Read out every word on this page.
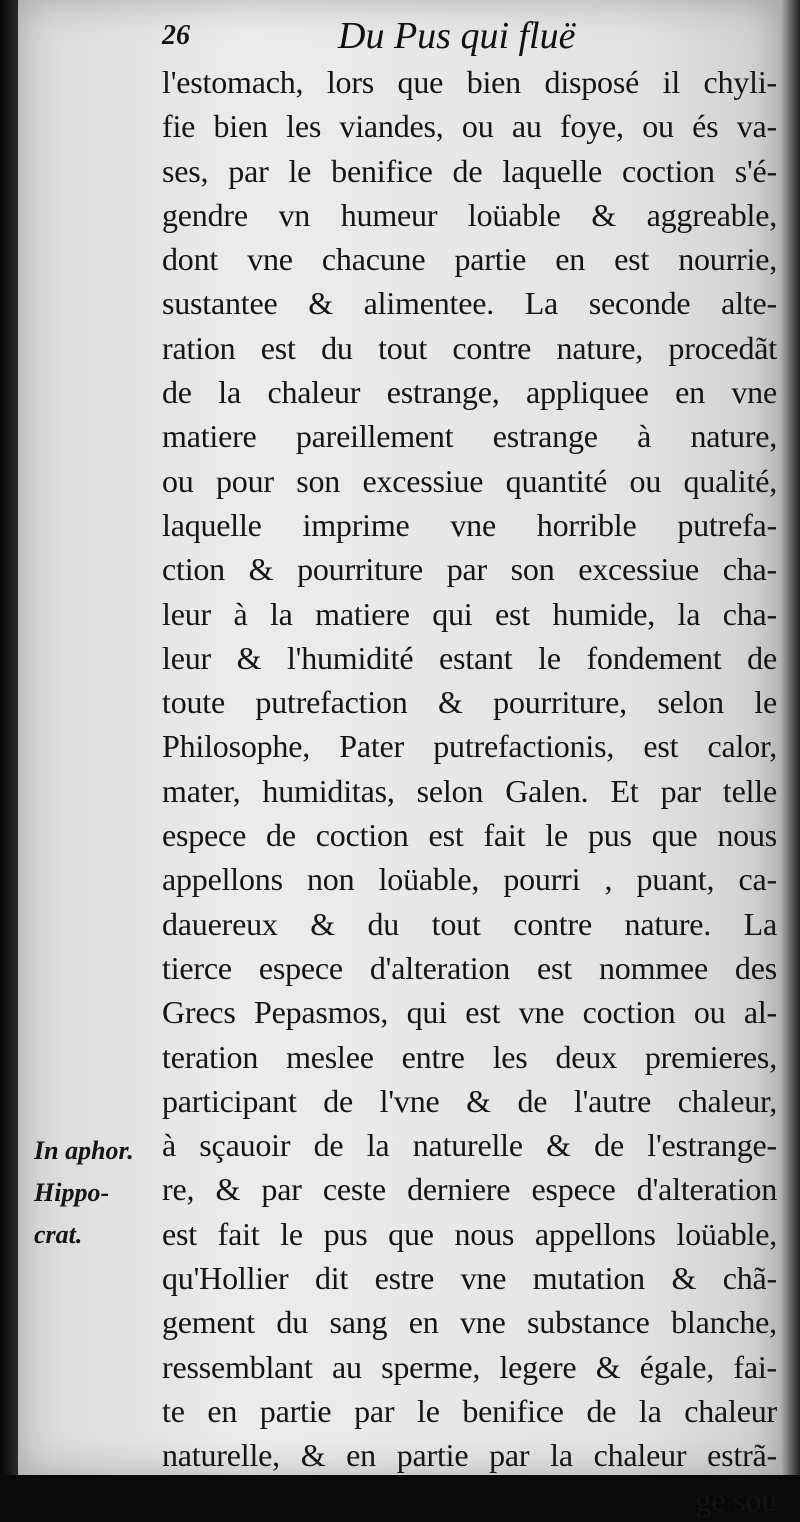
26	Du Pus qui fluë
In aphor.
Hippo-
crat.
l'estomach, lors que bien disposé il chyli-
fie bien les viandes, ou au foye, ou és va-
ses, par le benifice de laquelle coction s'é-
gendre vn humeur loüable & aggreable,
dont vne chacune partie en est nourrie,
sustantee & alimentee. La seconde alte-
ration est du tout contre nature, procedãt
de la chaleur estrange, appliquee en vne
matiere pareillement estrange à nature,
ou pour son excessiue quantité ou qualité,
laquelle imprime vne horrible putrefa-
ction & pourriture par son excessiue cha-
leur à la matiere qui est humide, la cha-
leur & l'humidité estant le fondement de
toute putrefaction & pourriture, selon le
Philosophe, Pater putrefactionis, est calor,
mater, humiditas, selon Galen. Et par telle
espece de coction est fait le pus que nous
appellons non loüable, pourri , puant, ca-
dauereux & du tout contre nature. La
tierce espece d'alteration est nommee des
Grecs Pepasmos, qui est vne coction ou al-
teration meslee entre les deux premieres,
participant de l'vne & de l'autre chaleur,
à sçauoir de la naturelle & de l'estrange-
re, & par ceste derniere espece d'alteration
est fait le pus que nous appellons loüable,
qu'Hollier dit estre vne mutation & chã-
gement du sang en vne substance blanche,
ressemblant au sperme, legere & égale, fai-
te en partie par le benifice de la chaleur
naturelle, & en partie par la chaleur estrã-
ge sou
